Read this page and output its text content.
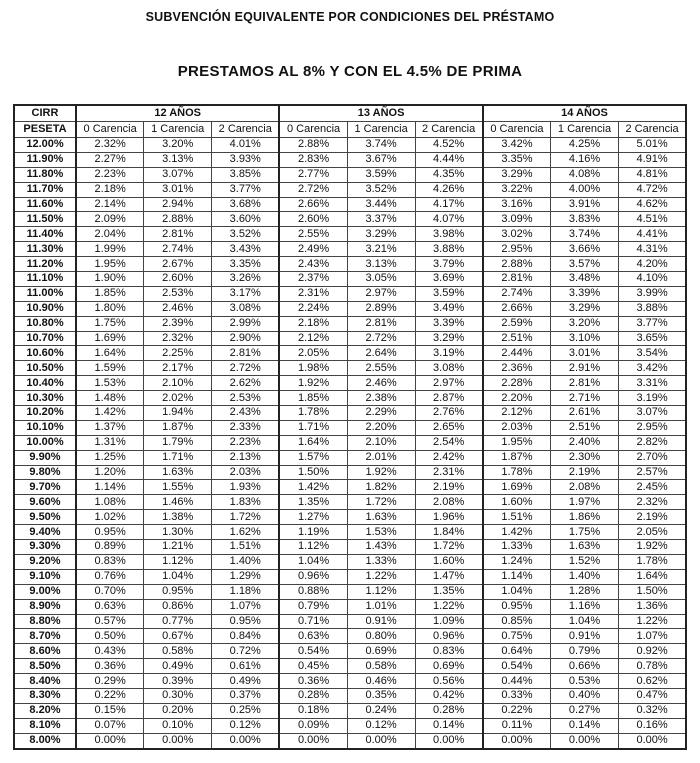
SUBVENCIÓN EQUIVALENTE POR CONDICIONES DEL PRÉSTAMO
PRESTAMOS AL 8% Y CON EL 4.5% DE PRIMA
CIRR	12 AÑOS			13 AÑOS			14 AÑOS		
PESETA	0 Carencia	1 Carencia	2 Carencia	0 Carencia	1 Carencia	2 Carencia	0 Carencia	1 Carencia	2 Carencia
12.00%	2.32%	3.20%	4.01%	2.88%	3.74%	4.52%	3.42%	4.25%	5.01%
11.90%	2.27%	3.13%	3.93%	2.83%	3.67%	4.44%	3.35%	4.16%	4.91%
11.80%	2.23%	3.07%	3.85%	2.77%	3.59%	4.35%	3.29%	4.08%	4.81%
11.70%	2.18%	3.01%	3.77%	2.72%	3.52%	4.26%	3.22%	4.00%	4.72%
11.60%	2.14%	2.94%	3.68%	2.66%	3.44%	4.17%	3.16%	3.91%	4.62%
11.50%	2.09%	2.88%	3.60%	2.60%	3.37%	4.07%	3.09%	3.83%	4.51%
11.40%	2.04%	2.81%	3.52%	2.55%	3.29%	3.98%	3.02%	3.74%	4.41%
11.30%	1.99%	2.74%	3.43%	2.49%	3.21%	3.88%	2.95%	3.66%	4.31%
11.20%	1.95%	2.67%	3.35%	2.43%	3.13%	3.79%	2.88%	3.57%	4.20%
11.10%	1.90%	2.60%	3.26%	2.37%	3.05%	3.69%	2.81%	3.48%	4.10%
11.00%	1.85%	2.53%	3.17%	2.31%	2.97%	3.59%	2.74%	3.39%	3.99%
10.90%	1.80%	2.46%	3.08%	2.24%	2.89%	3.49%	2.66%	3.29%	3.88%
10.80%	1.75%	2.39%	2.99%	2.18%	2.81%	3.39%	2.59%	3.20%	3.77%
10.70%	1.69%	2.32%	2.90%	2.12%	2.72%	3.29%	2.51%	3.10%	3.65%
10.60%	1.64%	2.25%	2.81%	2.05%	2.64%	3.19%	2.44%	3.01%	3.54%
10.50%	1.59%	2.17%	2.72%	1.98%	2.55%	3.08%	2.36%	2.91%	3.42%
10.40%	1.53%	2.10%	2.62%	1.92%	2.46%	2.97%	2.28%	2.81%	3.31%
10.30%	1.48%	2.02%	2.53%	1.85%	2.38%	2.87%	2.20%	2.71%	3.19%
10.20%	1.42%	1.94%	2.43%	1.78%	2.29%	2.76%	2.12%	2.61%	3.07%
10.10%	1.37%	1.87%	2.33%	1.71%	2.20%	2.65%	2.03%	2.51%	2.95%
10.00%	1.31%	1.79%	2.23%	1.64%	2.10%	2.54%	1.95%	2.40%	2.82%
9.90%	1.25%	1.71%	2.13%	1.57%	2.01%	2.42%	1.87%	2.30%	2.70%
9.80%	1.20%	1.63%	2.03%	1.50%	1.92%	2.31%	1.78%	2.19%	2.57%
9.70%	1.14%	1.55%	1.93%	1.42%	1.82%	2.19%	1.69%	2.08%	2.45%
9.60%	1.08%	1.46%	1.83%	1.35%	1.72%	2.08%	1.60%	1.97%	2.32%
9.50%	1.02%	1.38%	1.72%	1.27%	1.63%	1.96%	1.51%	1.86%	2.19%
9.40%	0.95%	1.30%	1.62%	1.19%	1.53%	1.84%	1.42%	1.75%	2.05%
9.30%	0.89%	1.21%	1.51%	1.12%	1.43%	1.72%	1.33%	1.63%	1.92%
9.20%	0.83%	1.12%	1.40%	1.04%	1.33%	1.60%	1.24%	1.52%	1.78%
9.10%	0.76%	1.04%	1.29%	0.96%	1.22%	1.47%	1.14%	1.40%	1.64%
9.00%	0.70%	0.95%	1.18%	0.88%	1.12%	1.35%	1.04%	1.28%	1.50%
8.90%	0.63%	0.86%	1.07%	0.79%	1.01%	1.22%	0.95%	1.16%	1.36%
8.80%	0.57%	0.77%	0.95%	0.71%	0.91%	1.09%	0.85%	1.04%	1.22%
8.70%	0.50%	0.67%	0.84%	0.63%	0.80%	0.96%	0.75%	0.91%	1.07%
8.60%	0.43%	0.58%	0.72%	0.54%	0.69%	0.83%	0.64%	0.79%	0.92%
8.50%	0.36%	0.49%	0.61%	0.45%	0.58%	0.69%	0.54%	0.66%	0.78%
8.40%	0.29%	0.39%	0.49%	0.36%	0.46%	0.56%	0.44%	0.53%	0.62%
8.30%	0.22%	0.30%	0.37%	0.28%	0.35%	0.42%	0.33%	0.40%	0.47%
8.20%	0.15%	0.20%	0.25%	0.18%	0.24%	0.28%	0.22%	0.27%	0.32%
8.10%	0.07%	0.10%	0.12%	0.09%	0.12%	0.14%	0.11%	0.14%	0.16%
8.00%	0.00%	0.00%	0.00%	0.00%	0.00%	0.00%	0.00%	0.00%	0.00%
